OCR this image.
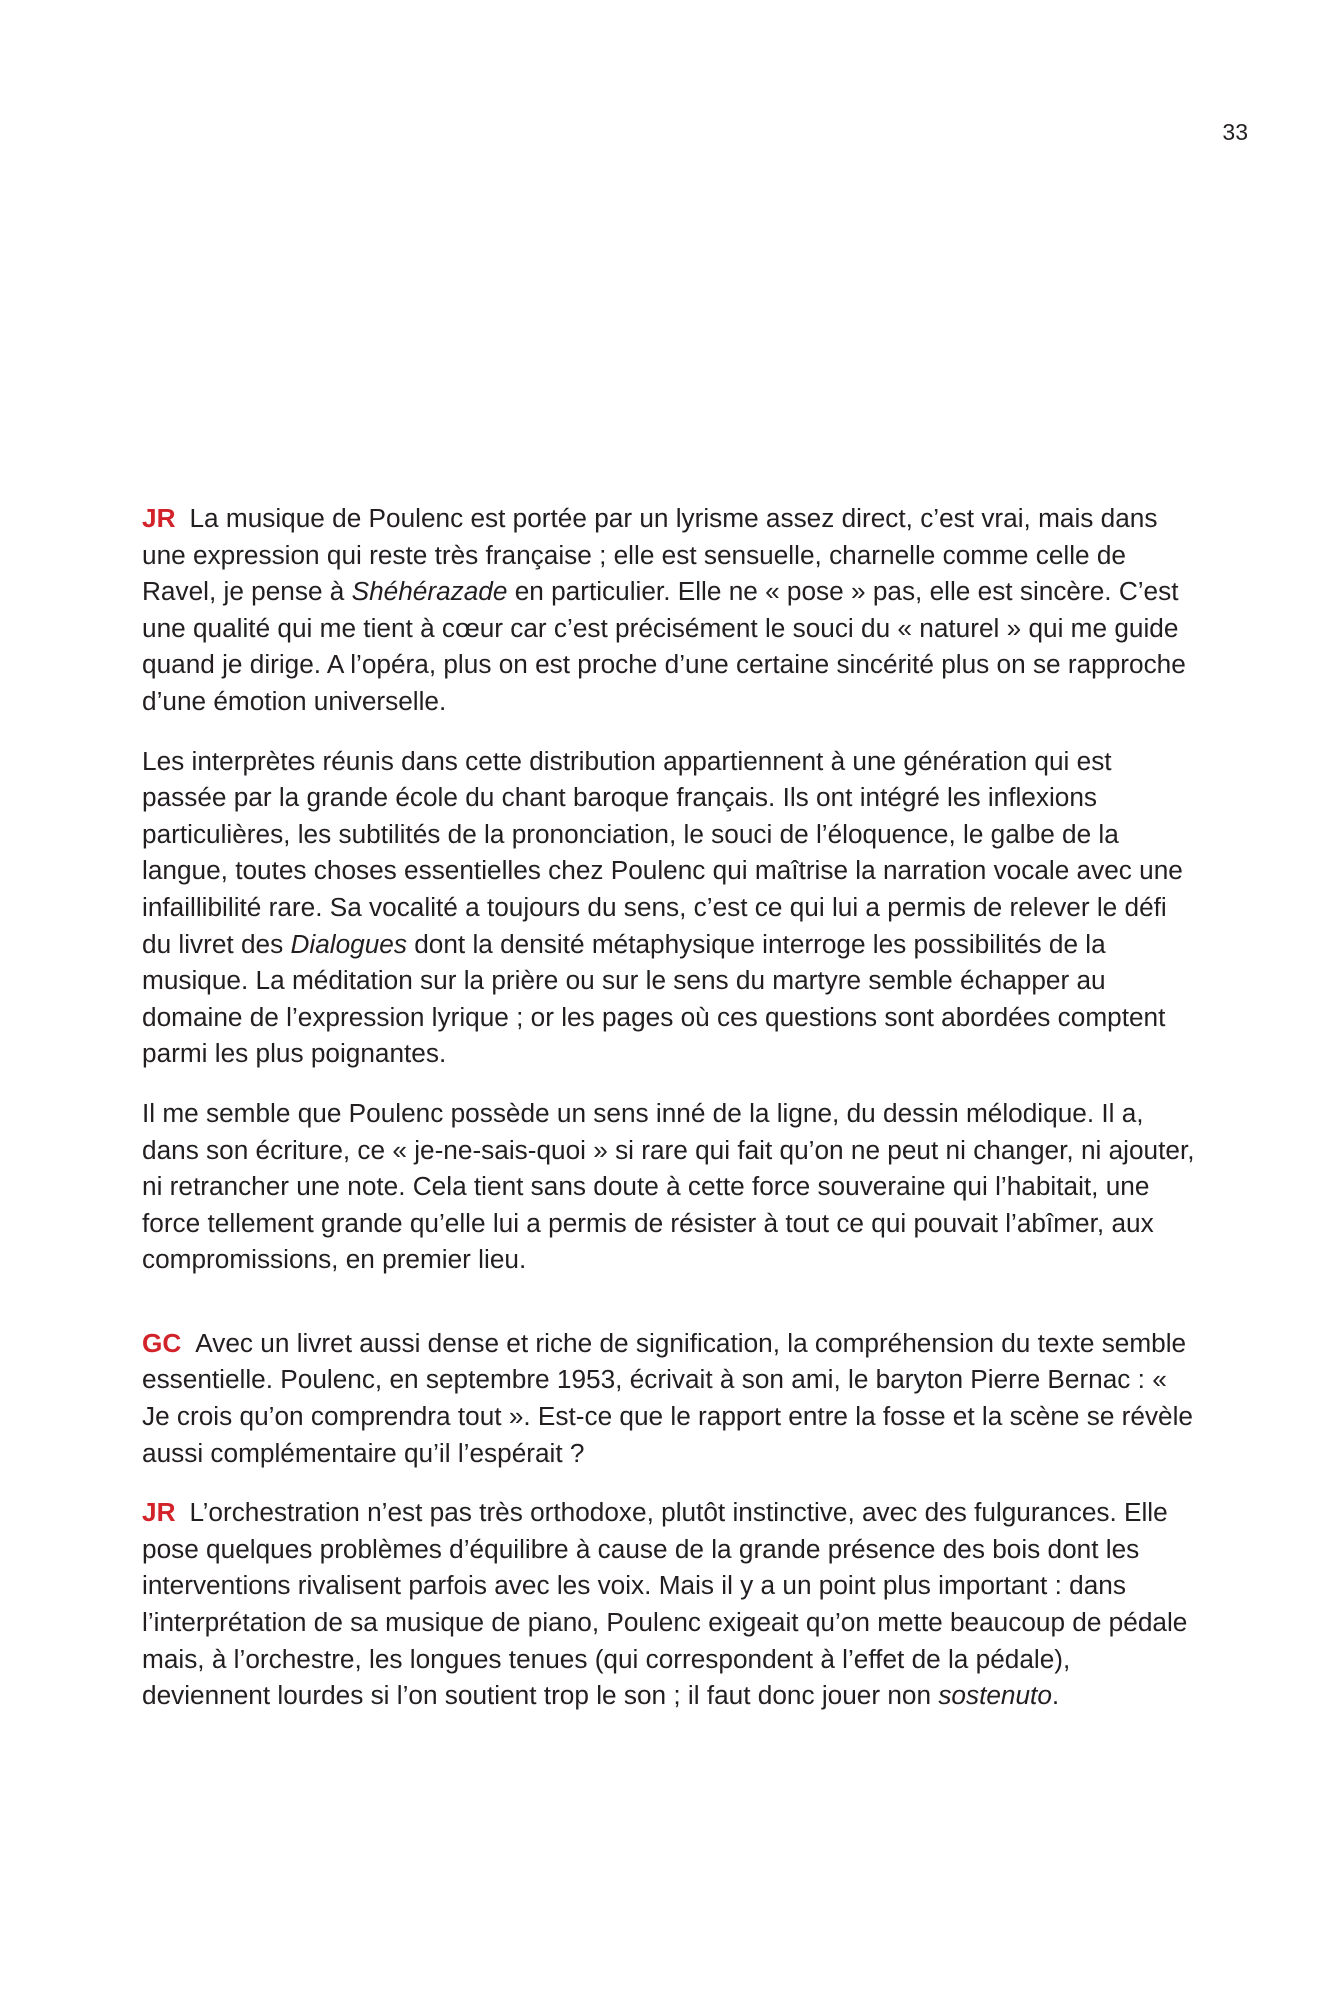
33

JR La musique de Poulenc est portée par un lyrisme assez direct, c’est vrai, mais dans une expression qui reste très française ; elle est sensuelle, charnelle comme celle de Ravel, je pense à Shéhérazade en particulier. Elle ne « pose » pas, elle est sincère. C’est une qualité qui me tient à cœur car c’est précisément le souci du « naturel » qui me guide quand je dirige. A l’opéra, plus on est proche d’une certaine sincérité plus on se rapproche d’une émotion universelle.

Les interprètes réunis dans cette distribution appartiennent à une génération qui est passée par la grande école du chant baroque français. Ils ont intégré les inflexions particulières, les subtilités de la prononciation, le souci de l’éloquence, le galbe de la langue, toutes choses essentielles chez Poulenc qui maîtrise la narration vocale avec une infaillibilité rare. Sa vocalité a toujours du sens, c’est ce qui lui a permis de relever le défi du livret des Dialogues dont la densité métaphysique interroge les possibilités de la musique. La méditation sur la prière ou sur le sens du martyre semble échapper au domaine de l’expression lyrique ; or les pages où ces questions sont abordées comptent parmi les plus poignantes.

Il me semble que Poulenc possède un sens inné de la ligne, du dessin mélodique. Il a, dans son écriture, ce « je-ne-sais-quoi » si rare qui fait qu’on ne peut ni changer, ni ajouter, ni retrancher une note. Cela tient sans doute à cette force souveraine qui l’habitait, une force tellement grande qu’elle lui a permis de résister à tout ce qui pouvait l’abîmer, aux compromissions, en premier lieu.

GC Avec un livret aussi dense et riche de signification, la compréhension du texte semble essentielle. Poulenc, en septembre 1953, écrivait à son ami, le baryton Pierre Bernac : « Je crois qu’on comprendra tout ». Est-ce que le rapport entre la fosse et la scène se révèle aussi complémentaire qu’il l’espérait ?

JR L’orchestration n’est pas très orthodoxe, plutôt instinctive, avec des fulgurances. Elle pose quelques problèmes d’équilibre à cause de la grande présence des bois dont les interventions rivalisent parfois avec les voix. Mais il y a un point plus important : dans l’interprétation de sa musique de piano, Poulenc exigeait qu’on mette beaucoup de pédale mais, à l’orchestre, les longues tenues (qui correspondent à l’effet de la pédale), deviennent lourdes si l’on soutient trop le son ; il faut donc jouer non sostenuto.
